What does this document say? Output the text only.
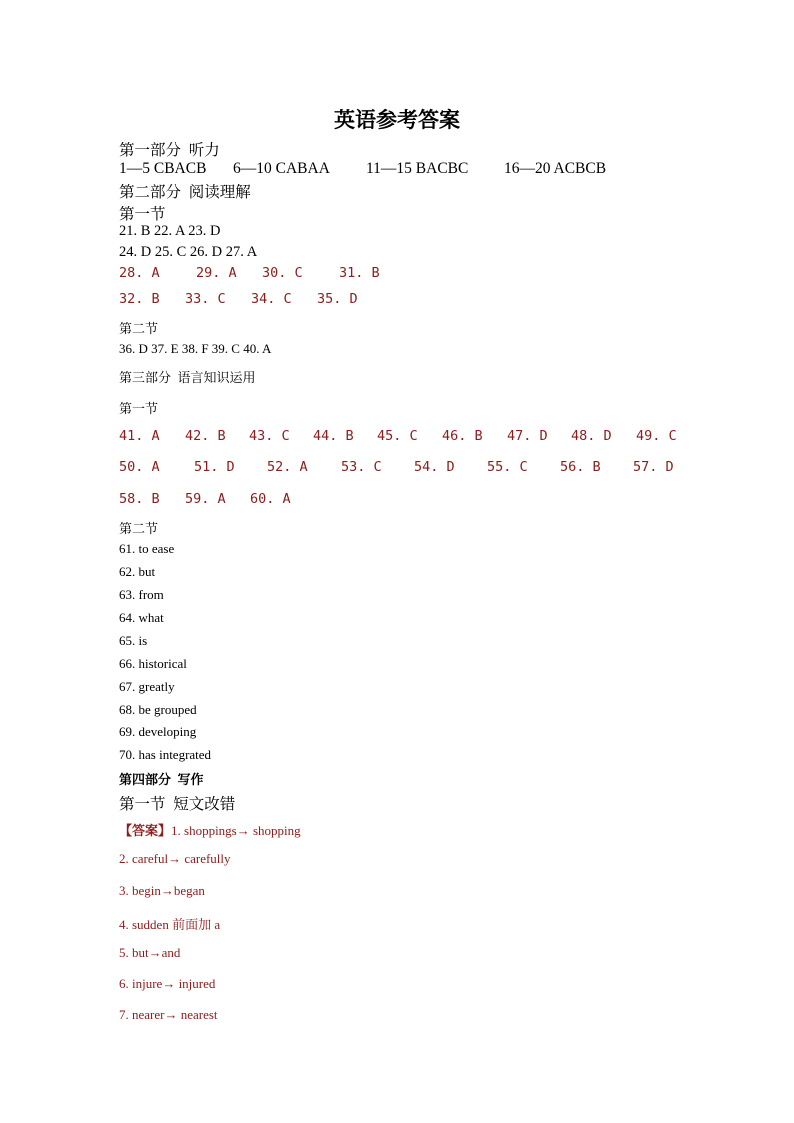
英语参考答案
第一部分  听力
1—5 CBACB 6—10 CABAA 11—15 BACBC 16—20 ACBCB
第二部分  阅读理解
第一节
21. B 22. A 23. D
24. D 25. C 26. D 27. A
28. A	29. A 30. C	31. B
32. B 33. C 34. C 35. D
第二节
36. D 37. E 38. F 39. C 40. A
第三部分  语言知识运用
第一节
41. A 42. B 43. C 44. B 45. C 46. B 47. D 48. D 49. C
50. A	51. D 52. A 53. C 54. D 55. C 56. B 57. D
58. B 59. A 60. A
第二节
61. to ease
62. but
63. from
64. what
65. is
66. historical
67. greatly
68. be grouped
69. developing
70. has integrated
第四部分  写作
第一节  短文改错
【答案】1. shoppings→ shopping
2. careful→ carefully
3. begin→began
4. sudden 前面加 a
5. but→and
6. injure→ injured
7. nearer→ nearest
